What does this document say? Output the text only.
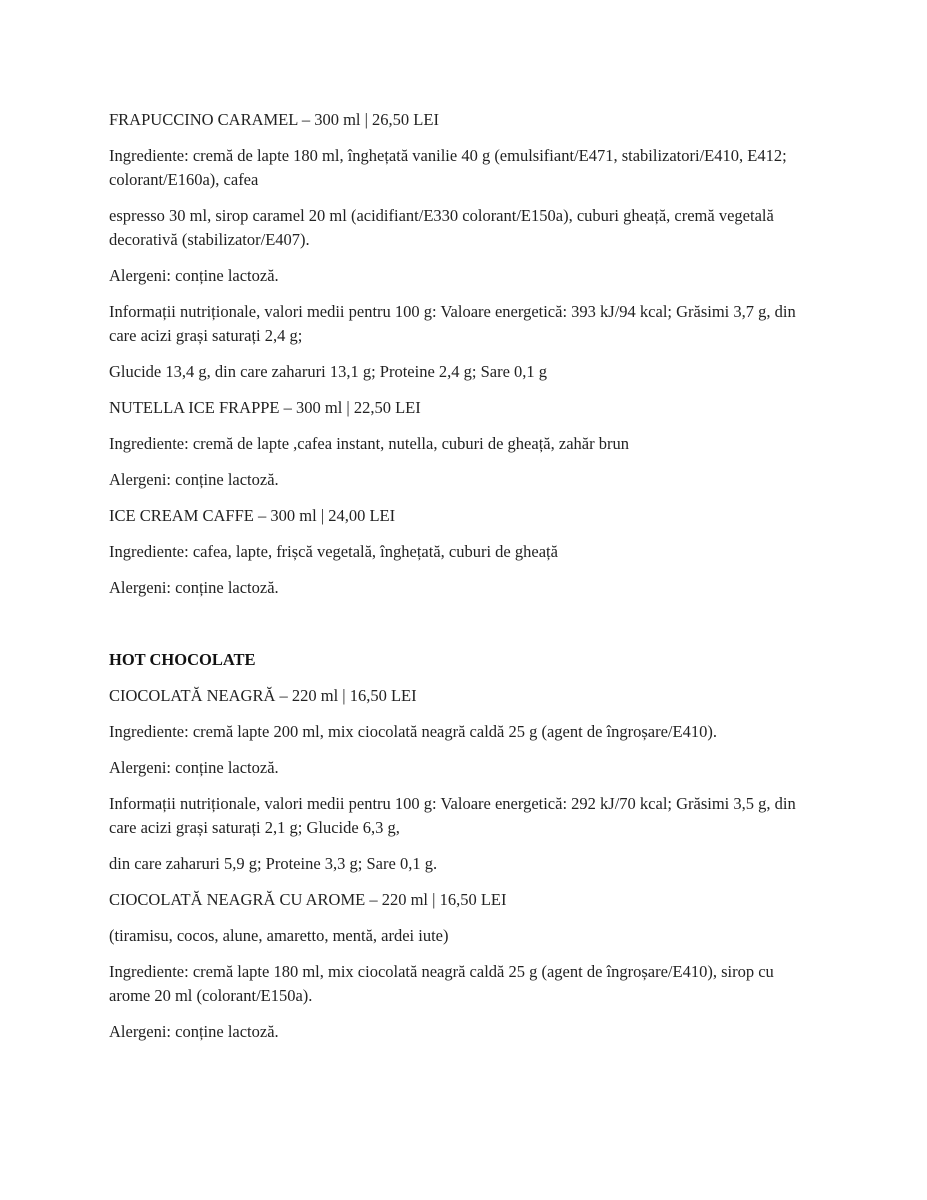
FRAPUCCINO CARAMEL – 300 ml | 26,50 LEI

Ingrediente: cremă de lapte 180 ml, înghețată vanilie 40 g (emulsifiant/E471, stabilizatori/E410, E412; colorant/E160a), cafea

espresso 30 ml, sirop caramel 20 ml (acidifiant/E330 colorant/E150a), cuburi gheață, cremă vegetală decorativă (stabilizator/E407).

Alergeni: conține lactoză.

Informații nutriționale, valori medii pentru 100 g: Valoare energetică: 393 kJ/94 kcal; Grăsimi 3,7 g, din care acizi grași saturați 2,4 g;

Glucide 13,4 g, din care zaharuri 13,1 g; Proteine 2,4 g; Sare 0,1 g

NUTELLA ICE FRAPPE – 300 ml | 22,50 LEI

Ingrediente: cremă de lapte ,cafea instant, nutella, cuburi de gheață, zahăr brun

Alergeni: conține lactoză.

ICE CREAM CAFFE – 300 ml | 24,00 LEI

Ingrediente: cafea, lapte, frișcă vegetală, înghețată, cuburi de gheață

Alergeni: conține lactoză.

HOT CHOCOLATE

CIOCOLATĂ NEAGRĂ – 220 ml | 16,50 LEI

Ingrediente: cremă lapte 200 ml, mix ciocolată neagră caldă 25 g (agent de îngroșare/E410).

Alergeni: conține lactoză.

Informații nutriționale, valori medii pentru 100 g: Valoare energetică: 292 kJ/70 kcal; Grăsimi 3,5 g, din care acizi grași saturați 2,1 g; Glucide 6,3 g,

din care zaharuri 5,9 g; Proteine 3,3 g; Sare 0,1 g.

CIOCOLATĂ NEAGRĂ CU AROME – 220 ml | 16,50 LEI

(tiramisu, cocos, alune, amaretto, mentă, ardei iute)

Ingrediente: cremă lapte 180 ml, mix ciocolată neagră caldă 25 g (agent de îngroșare/E410), sirop cu arome 20 ml (colorant/E150a).

Alergeni: conține lactoză.
